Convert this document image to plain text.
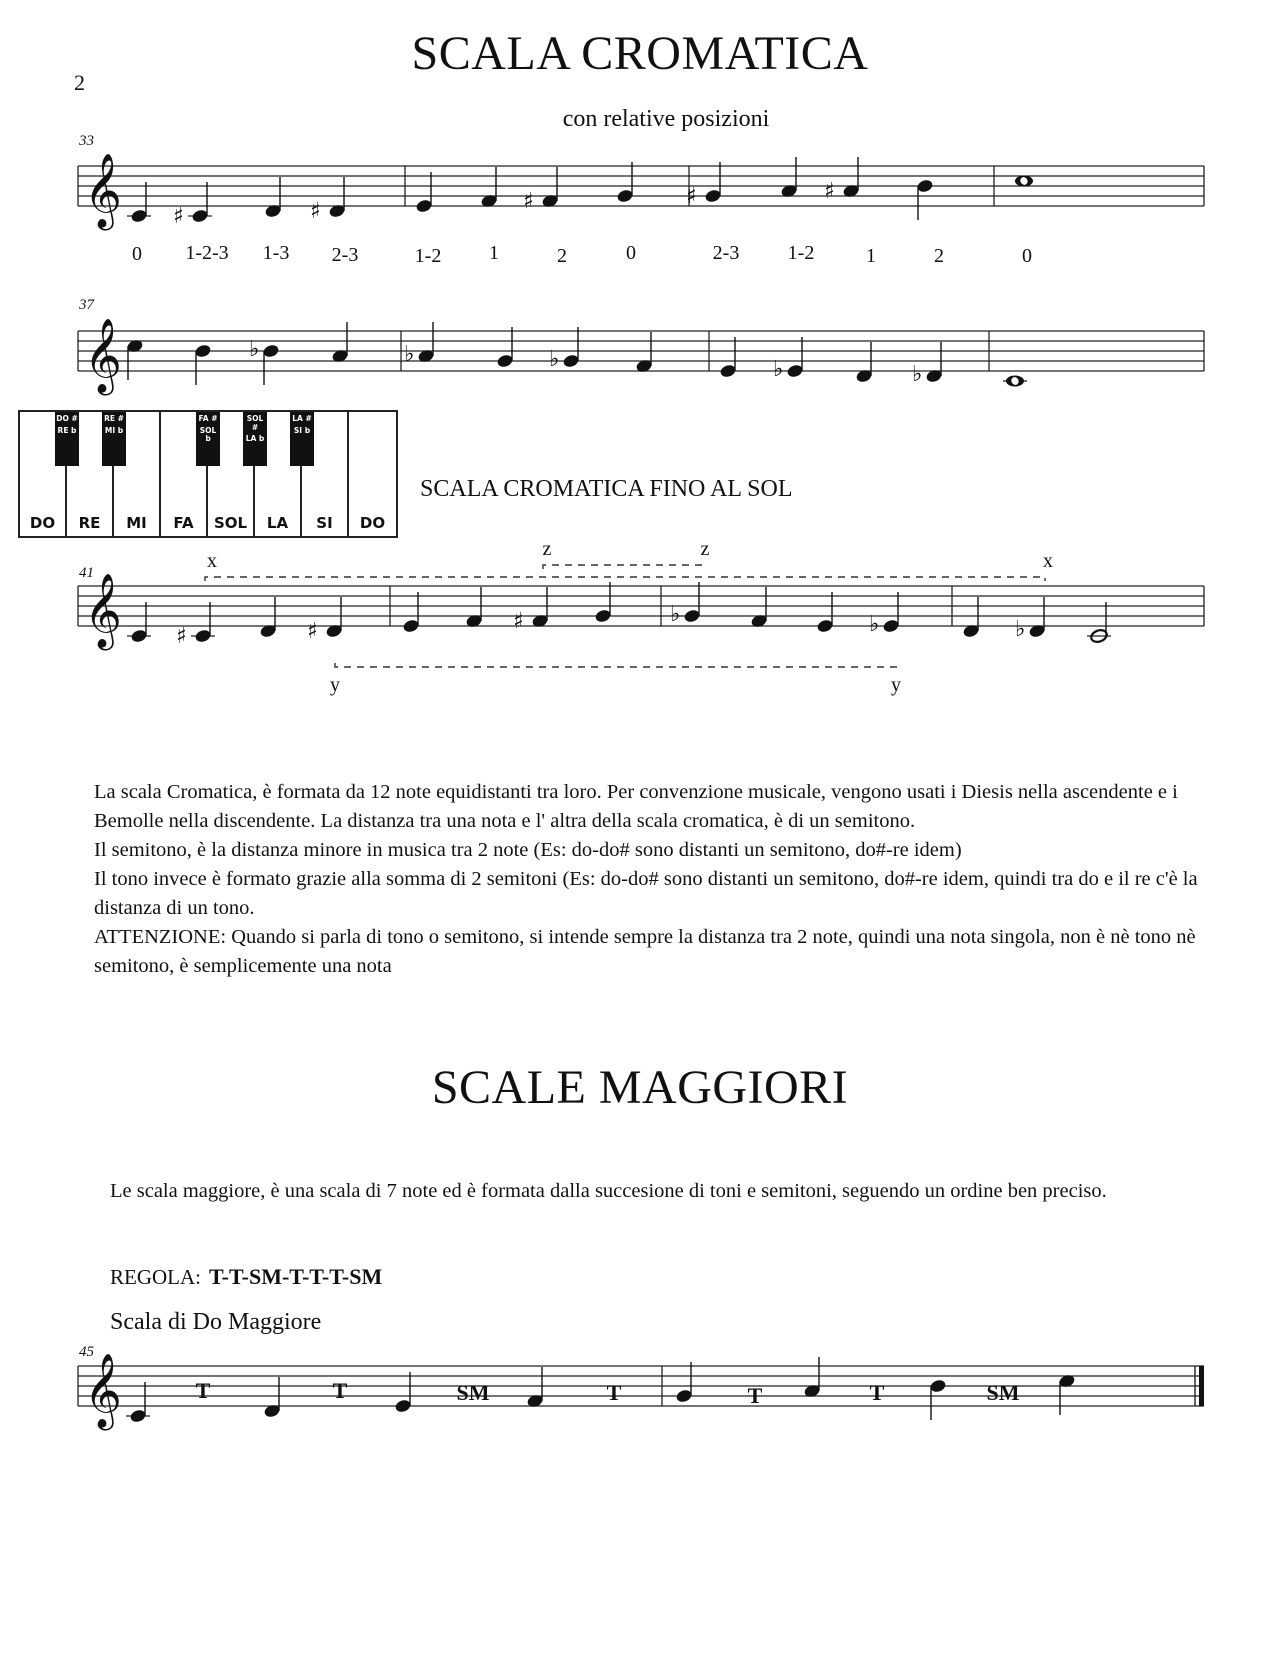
2
SCALA CROMATICA
con relative posizioni
33
37
41
45
𝄞 ♯	♯	♯	♯	♯
𝄞	♭	♭	♭	♭	♭
𝄞 ♯	♯	♯	♭	♭	♭
𝄞
0	1-2-3	1-3	2-3	1-2	1	2	0	2-3	1-2	1	2	0
DO	RE	MI	FA	SOL	LA	SI	DO
DO #
RE b
RE #
MI b
FA #
SOL b
SOL #
LA b
LA #
SI b
SCALA CROMATICA FINO AL SOL
x	x
z	z
y	y

La scala Cromatica, è formata da 12 note equidistanti tra loro. Per convenzione musicale, vengono usati i Diesis nella ascendente e i Bemolle nella discendente. La distanza tra una nota e l' altra della scala cromatica, è di un semitono.

Il semitono, è la distanza minore in musica tra 2 note (Es: do-do# sono distanti un semitono, do#-re idem)

Il tono invece è formato grazie alla somma di 2 semitoni (Es: do-do# sono distanti un semitono, do#-re idem, quindi tra do e il re c'è la distanza di un tono.

ATTENZIONE: Quando si parla di tono o semitono, si intende sempre la distanza tra 2 note, quindi una nota singola, non è nè tono nè semitono, è semplicemente una nota

SCALE MAGGIORI
Le scala maggiore, è una scala di 7 note ed è formata dalla succesione di toni e semitoni, seguendo un ordine ben preciso.
REGOLA: T-T-SM-T-T-T-SM
Scala di Do Maggiore
T	T	SM	T	T	T	SM
